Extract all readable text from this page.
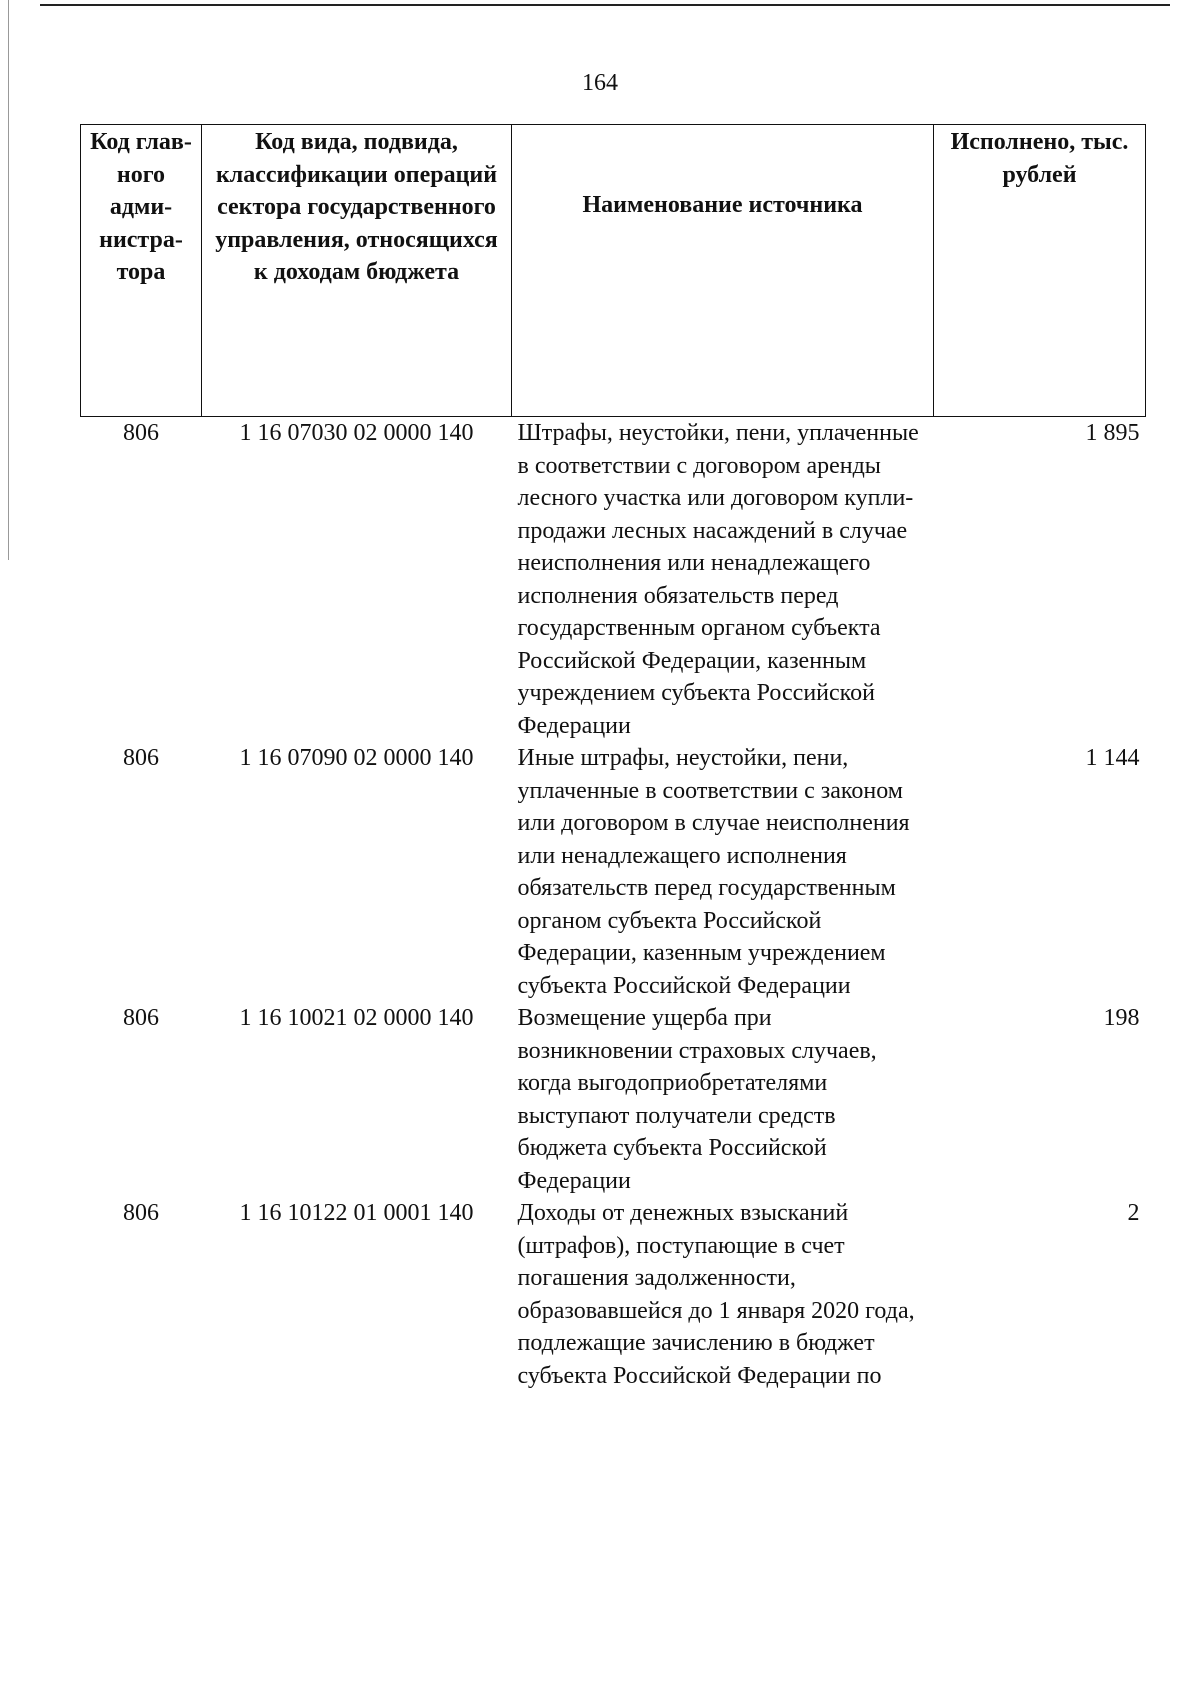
164
Код глав-ного адми-нистра-тора	Код вида, подвида, классификации операций сектора государственного управления, относящихся к доходам бюджета	Наименование источника	Исполнено, тыс. рублей
806	1 16 07030 02 0000 140	Штрафы, неустойки, пени, уплаченные в соответствии с договором аренды лесного участка или договором купли-продажи лесных насаждений в случае неисполнения или ненадлежащего исполнения обязательств перед государственным органом субъекта Российской Федерации, казенным учреждением субъекта Российской Федерации	1 895
806	1 16 07090 02 0000 140	Иные штрафы, неустойки, пени, уплаченные в соответствии с законом или договором в случае неисполнения или ненадлежащего исполнения обязательств перед государственным органом субъекта Российской Федерации, казенным учреждением субъекта Российской Федерации	1 144
806	1 16 10021 02 0000 140	Возмещение ущерба при возникновении страховых случаев, когда выгодоприобретателями выступают получатели средств бюджета субъекта Российской Федерации	198
806	1 16 10122 01 0001 140	Доходы от денежных взысканий (штрафов), поступающие в счет погашения задолженности, образовавшейся до 1 января 2020 года, подлежащие зачислению в бюджет субъекта Российской Федерации по	2
